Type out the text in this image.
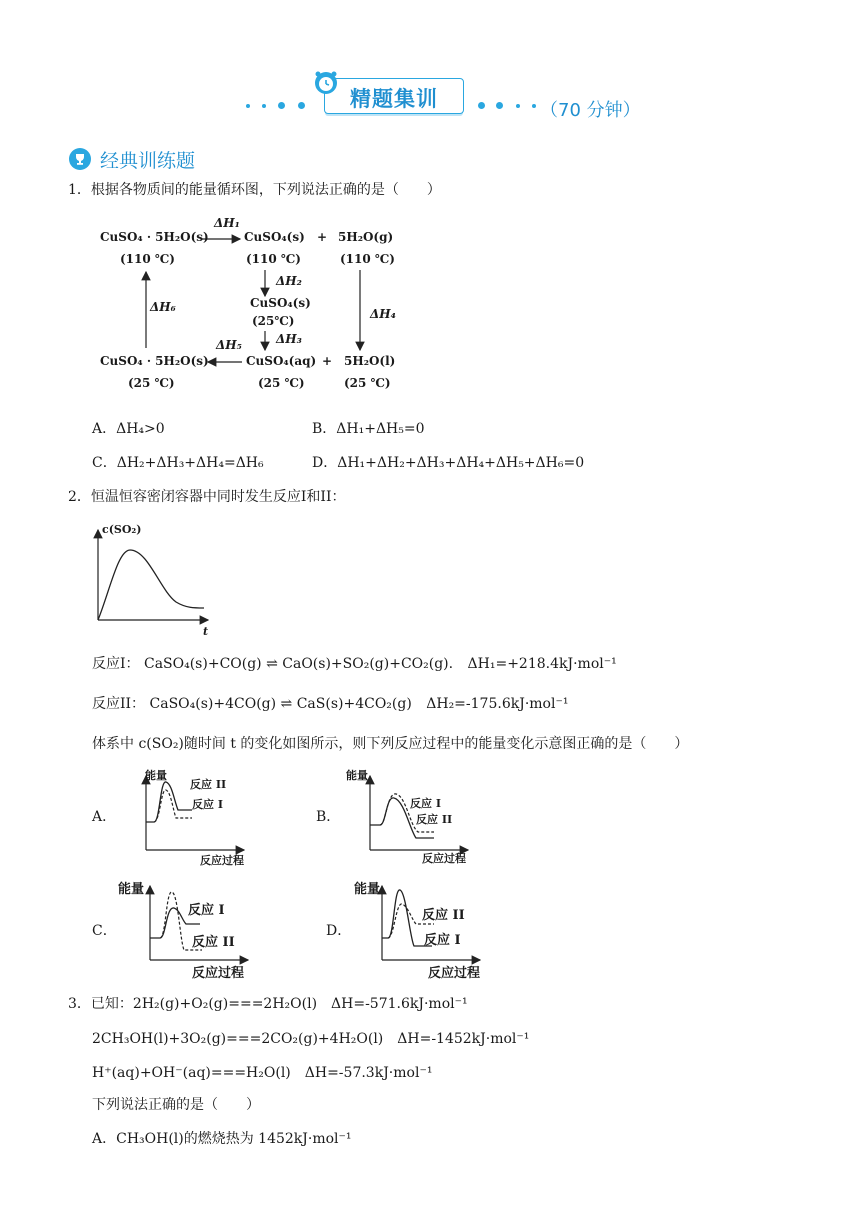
精题集训	（70 分钟）
经典训练题
1．根据各物质间的能量循环图，下列说法正确的是（　　）
CuSO₄ · 5H₂O(s)
(110 ℃)
ΔH₁
CuSO₄(s)
(110 ℃)
+ 5H₂O(g)
(110 ℃)
ΔH₂
ΔH₆	CuSO₄(s)
(25℃)	ΔH₄
ΔH₃
ΔH₅
CuSO₄ · 5H₂O(s)
(25 ℃)
CuSO₄(aq)
(25 ℃)
+ 5H₂O(l)
(25 ℃)
A．ΔH₄>0	B．ΔH₁+ΔH₅=0
C．ΔH₂+ΔH₃+ΔH₄=ΔH₆	D．ΔH₁+ΔH₂+ΔH₃+ΔH₄+ΔH₅+ΔH₆=0
2．恒温恒容密闭容器中同时发生反应I和II：
c(SO₂)
t
反应I： CaSO₄(s)+CO(g) ⇌ CaO(s)+SO₂(g)+CO₂(g). ΔH₁=+218.4kJ·mol⁻¹
反应II： CaSO₄(s)+4CO(g) ⇌ CaS(s)+4CO₂(g) ΔH₂=-175.6kJ·mol⁻¹
体系中 c(SO₂)随时间 t 的变化如图所示，则下列反应过程中的能量变化示意图正确的是（　　）
A．
能量
反应 II
反应 I
反应过程
B．
能量
反应 I
反应 II
反应过程
C．
能量
反应 I
反应 II
反应过程
D．
能量
反应 II
反应 I
反应过程
3．已知：2H₂(g)+O₂(g)===2H₂O(l)　ΔH=-571.6kJ·mol⁻¹
2CH₃OH(l)+3O₂(g)===2CO₂(g)+4H₂O(l)　ΔH=-1452kJ·mol⁻¹
H⁺(aq)+OH⁻(aq)===H₂O(l)　ΔH=-57.3kJ·mol⁻¹
下列说法正确的是（　　）
A．CH₃OH(l)的燃烧热为 1452kJ·mol⁻¹
